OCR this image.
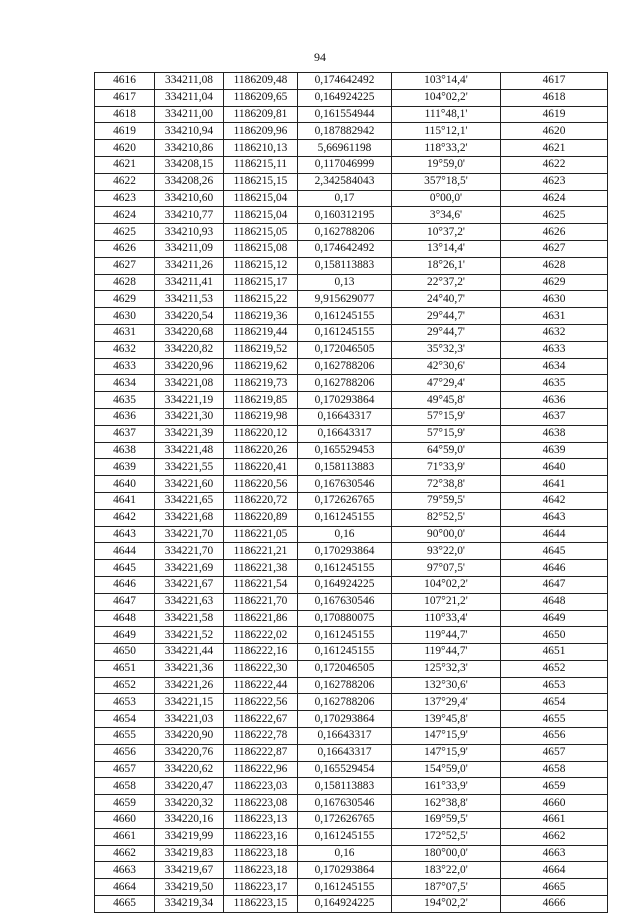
94
4616	334211,08	1186209,48	0,174642492	103°14,4'	4617
4617	334211,04	1186209,65	0,164924225	104°02,2'	4618
4618	334211,00	1186209,81	0,161554944	111°48,1'	4619
4619	334210,94	1186209,96	0,187882942	115°12,1'	4620
4620	334210,86	1186210,13	5,66961198	118°33,2'	4621
4621	334208,15	1186215,11	0,117046999	19°59,0'	4622
4622	334208,26	1186215,15	2,342584043	357°18,5'	4623
4623	334210,60	1186215,04	0,17	0°00,0'	4624
4624	334210,77	1186215,04	0,160312195	3°34,6'	4625
4625	334210,93	1186215,05	0,162788206	10°37,2'	4626
4626	334211,09	1186215,08	0,174642492	13°14,4'	4627
4627	334211,26	1186215,12	0,158113883	18°26,1'	4628
4628	334211,41	1186215,17	0,13	22°37,2'	4629
4629	334211,53	1186215,22	9,915629077	24°40,7'	4630
4630	334220,54	1186219,36	0,161245155	29°44,7'	4631
4631	334220,68	1186219,44	0,161245155	29°44,7'	4632
4632	334220,82	1186219,52	0,172046505	35°32,3'	4633
4633	334220,96	1186219,62	0,162788206	42°30,6'	4634
4634	334221,08	1186219,73	0,162788206	47°29,4'	4635
4635	334221,19	1186219,85	0,170293864	49°45,8'	4636
4636	334221,30	1186219,98	0,16643317	57°15,9'	4637
4637	334221,39	1186220,12	0,16643317	57°15,9'	4638
4638	334221,48	1186220,26	0,165529453	64°59,0'	4639
4639	334221,55	1186220,41	0,158113883	71°33,9'	4640
4640	334221,60	1186220,56	0,167630546	72°38,8'	4641
4641	334221,65	1186220,72	0,172626765	79°59,5'	4642
4642	334221,68	1186220,89	0,161245155	82°52,5'	4643
4643	334221,70	1186221,05	0,16	90°00,0'	4644
4644	334221,70	1186221,21	0,170293864	93°22,0'	4645
4645	334221,69	1186221,38	0,161245155	97°07,5'	4646
4646	334221,67	1186221,54	0,164924225	104°02,2'	4647
4647	334221,63	1186221,70	0,167630546	107°21,2'	4648
4648	334221,58	1186221,86	0,170880075	110°33,4'	4649
4649	334221,52	1186222,02	0,161245155	119°44,7'	4650
4650	334221,44	1186222,16	0,161245155	119°44,7'	4651
4651	334221,36	1186222,30	0,172046505	125°32,3'	4652
4652	334221,26	1186222,44	0,162788206	132°30,6'	4653
4653	334221,15	1186222,56	0,162788206	137°29,4'	4654
4654	334221,03	1186222,67	0,170293864	139°45,8'	4655
4655	334220,90	1186222,78	0,16643317	147°15,9'	4656
4656	334220,76	1186222,87	0,16643317	147°15,9'	4657
4657	334220,62	1186222,96	0,165529454	154°59,0'	4658
4658	334220,47	1186223,03	0,158113883	161°33,9'	4659
4659	334220,32	1186223,08	0,167630546	162°38,8'	4660
4660	334220,16	1186223,13	0,172626765	169°59,5'	4661
4661	334219,99	1186223,16	0,161245155	172°52,5'	4662
4662	334219,83	1186223,18	0,16	180°00,0'	4663
4663	334219,67	1186223,18	0,170293864	183°22,0'	4664
4664	334219,50	1186223,17	0,161245155	187°07,5'	4665
4665	334219,34	1186223,15	0,164924225	194°02,2'	4666
